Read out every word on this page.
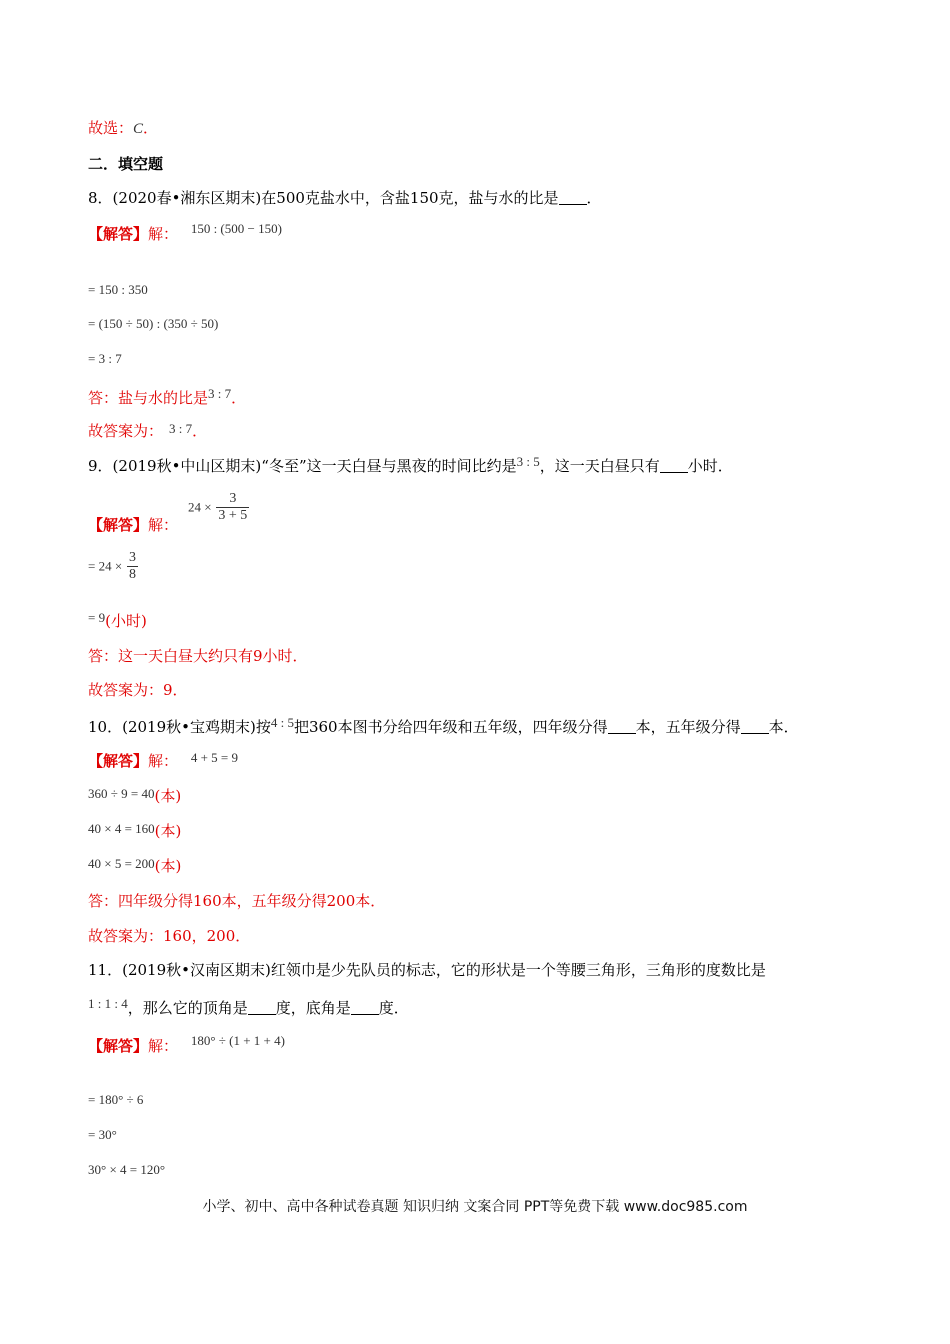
故选：C．
二．填空题
8．(2020春•湘东区期末)在500克盐水中，含盐150克，盐与水的比是 ．
【解答】解： 150 : (500 − 150)
= 150 : 350
= (150 ÷ 50) : (350 ÷ 50)
= 3 : 7
答：盐与水的比是3 : 7．
故答案为： 3 : 7．
9．(2019秋•中山区期末)“冬至”这一天白昼与黑夜的时间比约是3 : 5，这一天白昼只有 小时．
【解答】解：
$24 \times \frac{3}{3 + 5}$
= $24 \times \frac{3}{8}$
= 9(小时)
答：这一天白昼大约只有9小时．
故答案为：9．
10．(2019秋•宝鸡期末)按4 : 5把360本图书分给四年级和五年级，四年级分得 本，五年级分得 本．
【解答】解： 4 + 5 = 9
360 ÷ 9 = 40(本)
40 × 4 = 160(本)
40 × 5 = 200(本)
答：四年级分得160本，五年级分得200本．
故答案为：160，200．
11．(2019秋•汉南区期末)红领巾是少先队员的标志，它的形状是一个等腰三角形，三角形的度数比是
1 : 1 : 4，那么它的顶角是 度，底角是 度．
【解答】解： 180° ÷ (1 + 1 + 4)
= 180° ÷ 6
= 30°
30° × 4 = 120°
小学、初中、高中各种试卷真题 知识归纳 文案合同 PPT等免费下载 www.doc985.com
